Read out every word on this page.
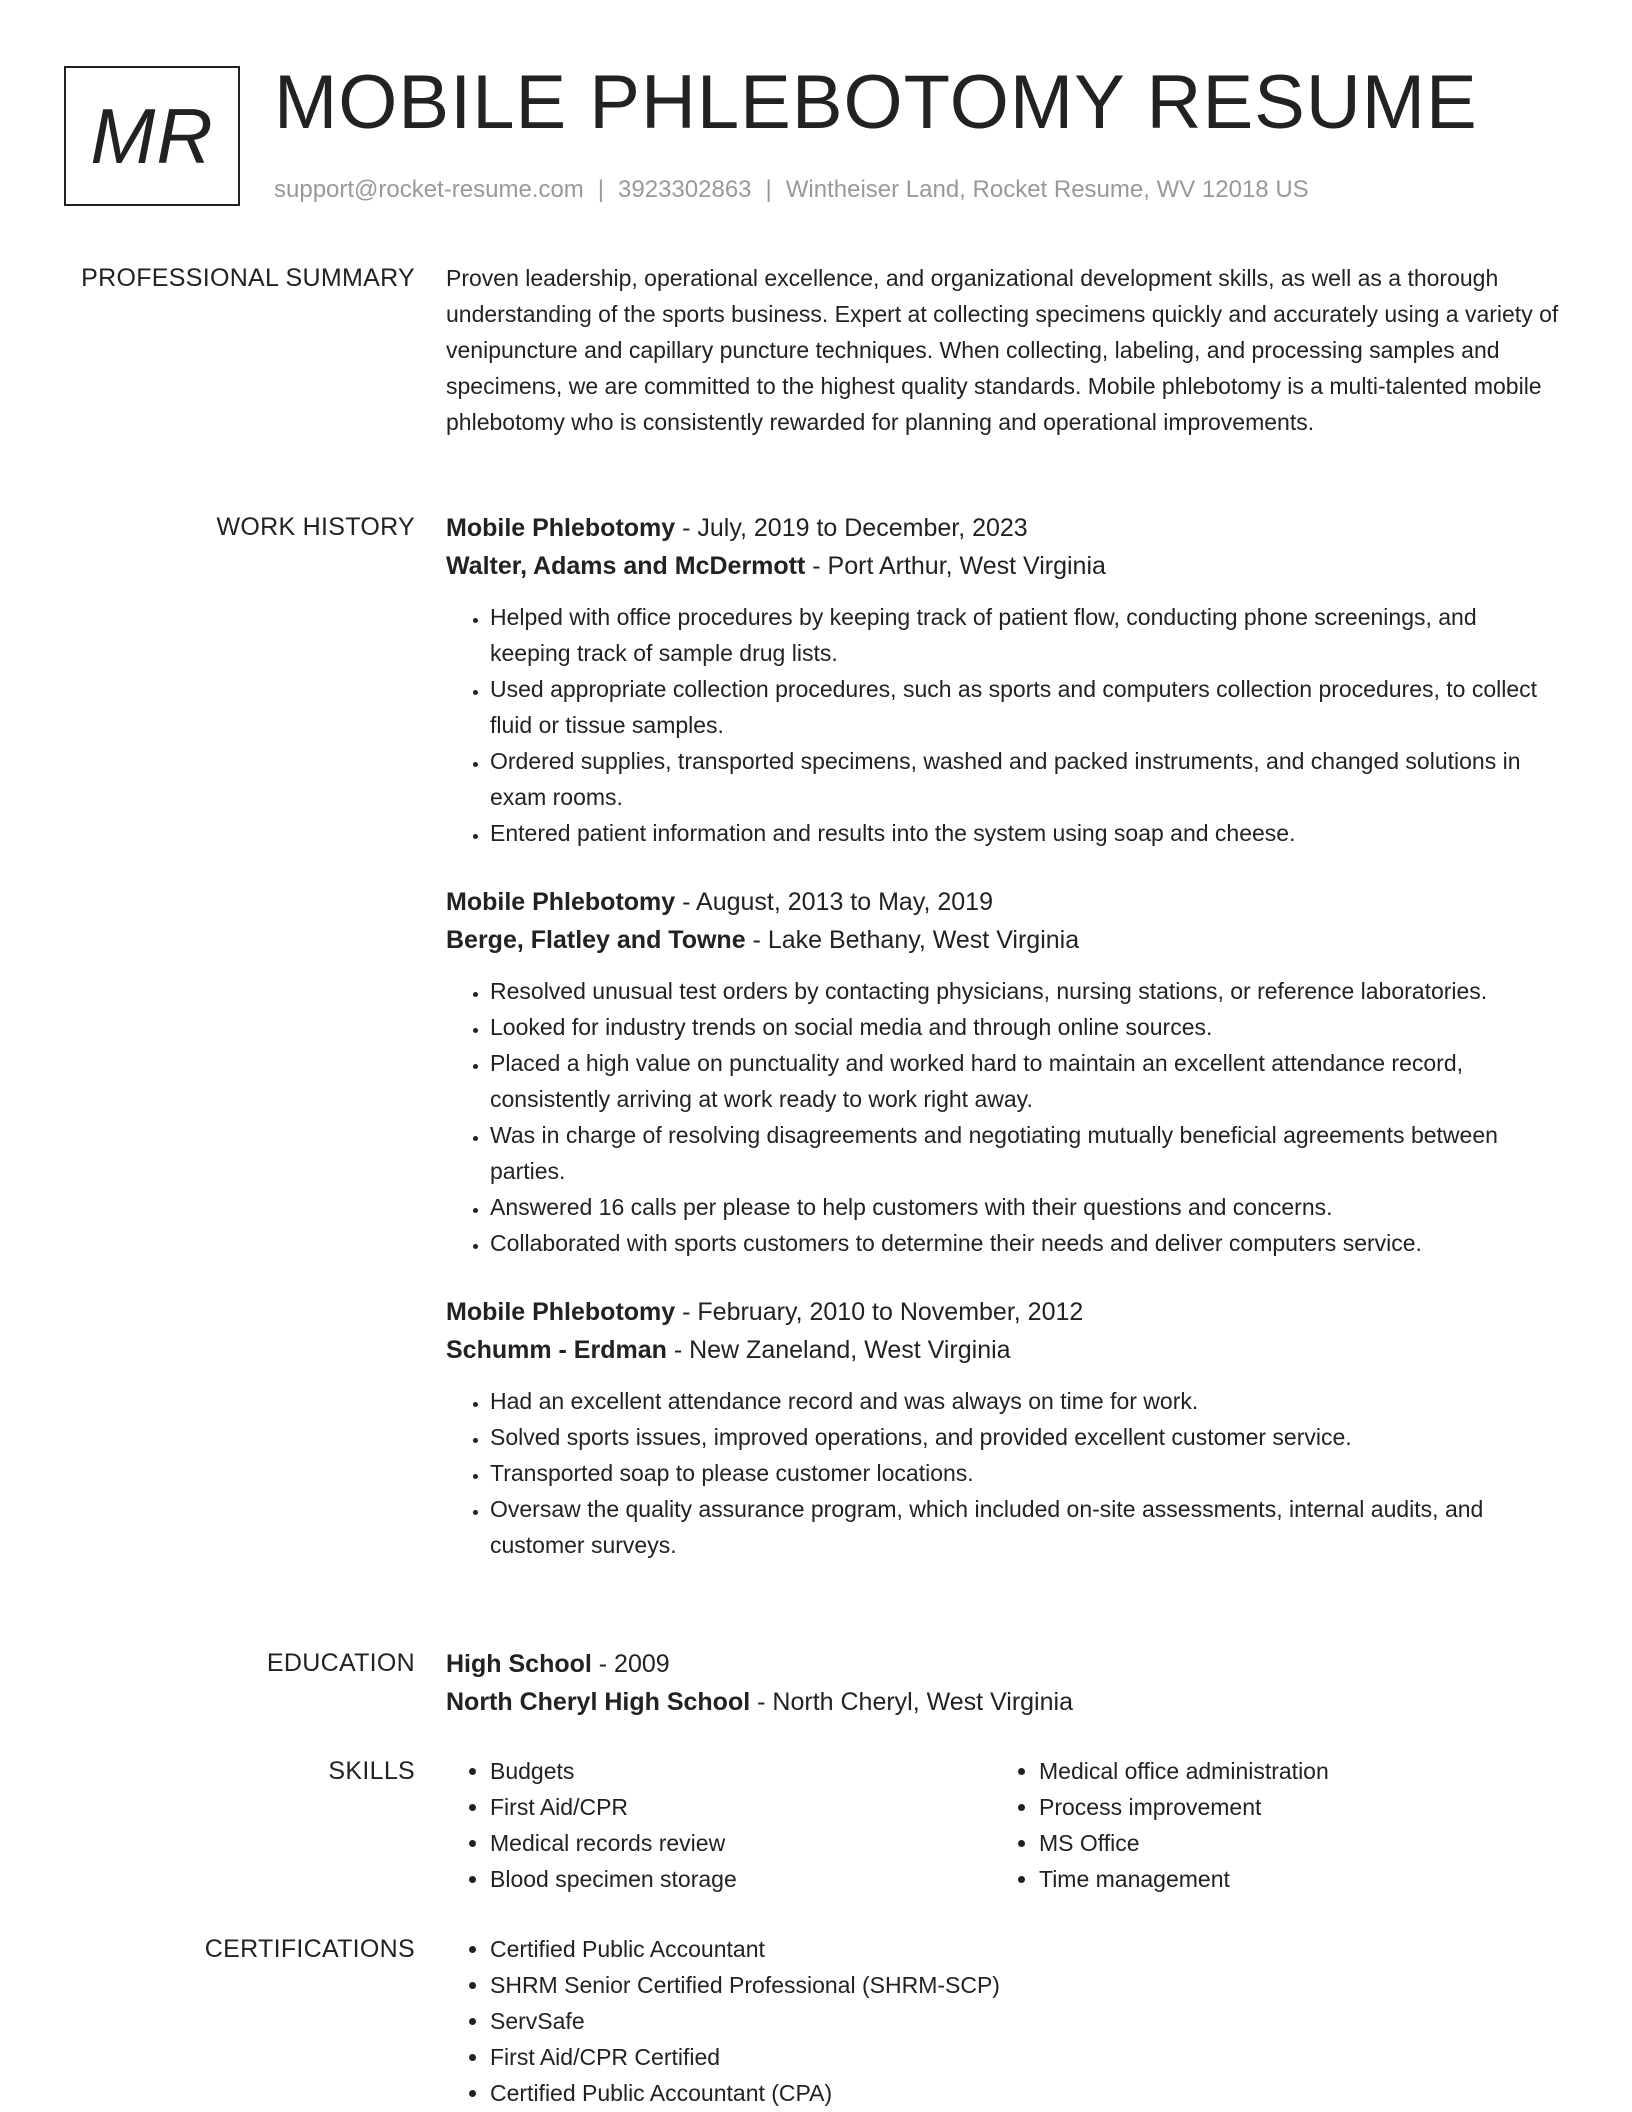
MR MOBILE PHLEBOTOMY RESUME
support@rocket-resume.com | 3923302863 | Wintheiser Land, Rocket Resume, WV 12018 US
PROFESSIONAL SUMMARY Proven leadership, operational excellence, and organizational development skills, as well as a thorough understanding of the sports business. Expert at collecting specimens quickly and accurately using a variety of venipuncture and capillary puncture techniques. When collecting, labeling, and processing samples and specimens, we are committed to the highest quality standards. Mobile phlebotomy is a multi-talented mobile phlebotomy who is consistently rewarded for planning and operational improvements.

WORK HISTORY Mobile Phlebotomy - July, 2019 to December, 2023
Walter, Adams and McDermott - Port Arthur, West Virginia
• Helped with office procedures by keeping track of patient flow, conducting phone screenings, and keeping track of sample drug lists.
• Used appropriate collection procedures, such as sports and computers collection procedures, to collect fluid or tissue samples.
• Ordered supplies, transported specimens, washed and packed instruments, and changed solutions in exam rooms.
• Entered patient information and results into the system using soap and cheese.
Mobile Phlebotomy - August, 2013 to May, 2019
Berge, Flatley and Towne - Lake Bethany, West Virginia
• Resolved unusual test orders by contacting physicians, nursing stations, or reference laboratories.
• Looked for industry trends on social media and through online sources.
• Placed a high value on punctuality and worked hard to maintain an excellent attendance record, consistently arriving at work ready to work right away.
• Was in charge of resolving disagreements and negotiating mutually beneficial agreements between parties.
• Answered 16 calls per please to help customers with their questions and concerns.
• Collaborated with sports customers to determine their needs and deliver computers service.
Mobile Phlebotomy - February, 2010 to November, 2012
Schumm - Erdman - New Zaneland, West Virginia
• Had an excellent attendance record and was always on time for work.
• Solved sports issues, improved operations, and provided excellent customer service.
• Transported soap to please customer locations.
• Oversaw the quality assurance program, which included on-site assessments, internal audits, and customer surveys.
EDUCATION High School - 2009
North Cheryl High School - North Cheryl, West Virginia
SKILLS	• Budgets
• First Aid/CPR
• Medical records review
• Blood specimen storage
• Medical office administration
• Process improvement
• MS Office
• Time management
CERTIFICATIONS	• Certified Public Accountant
• SHRM Senior Certified Professional (SHRM-SCP)
• ServSafe
• First Aid/CPR Certified
• Certified Public Accountant (CPA)
